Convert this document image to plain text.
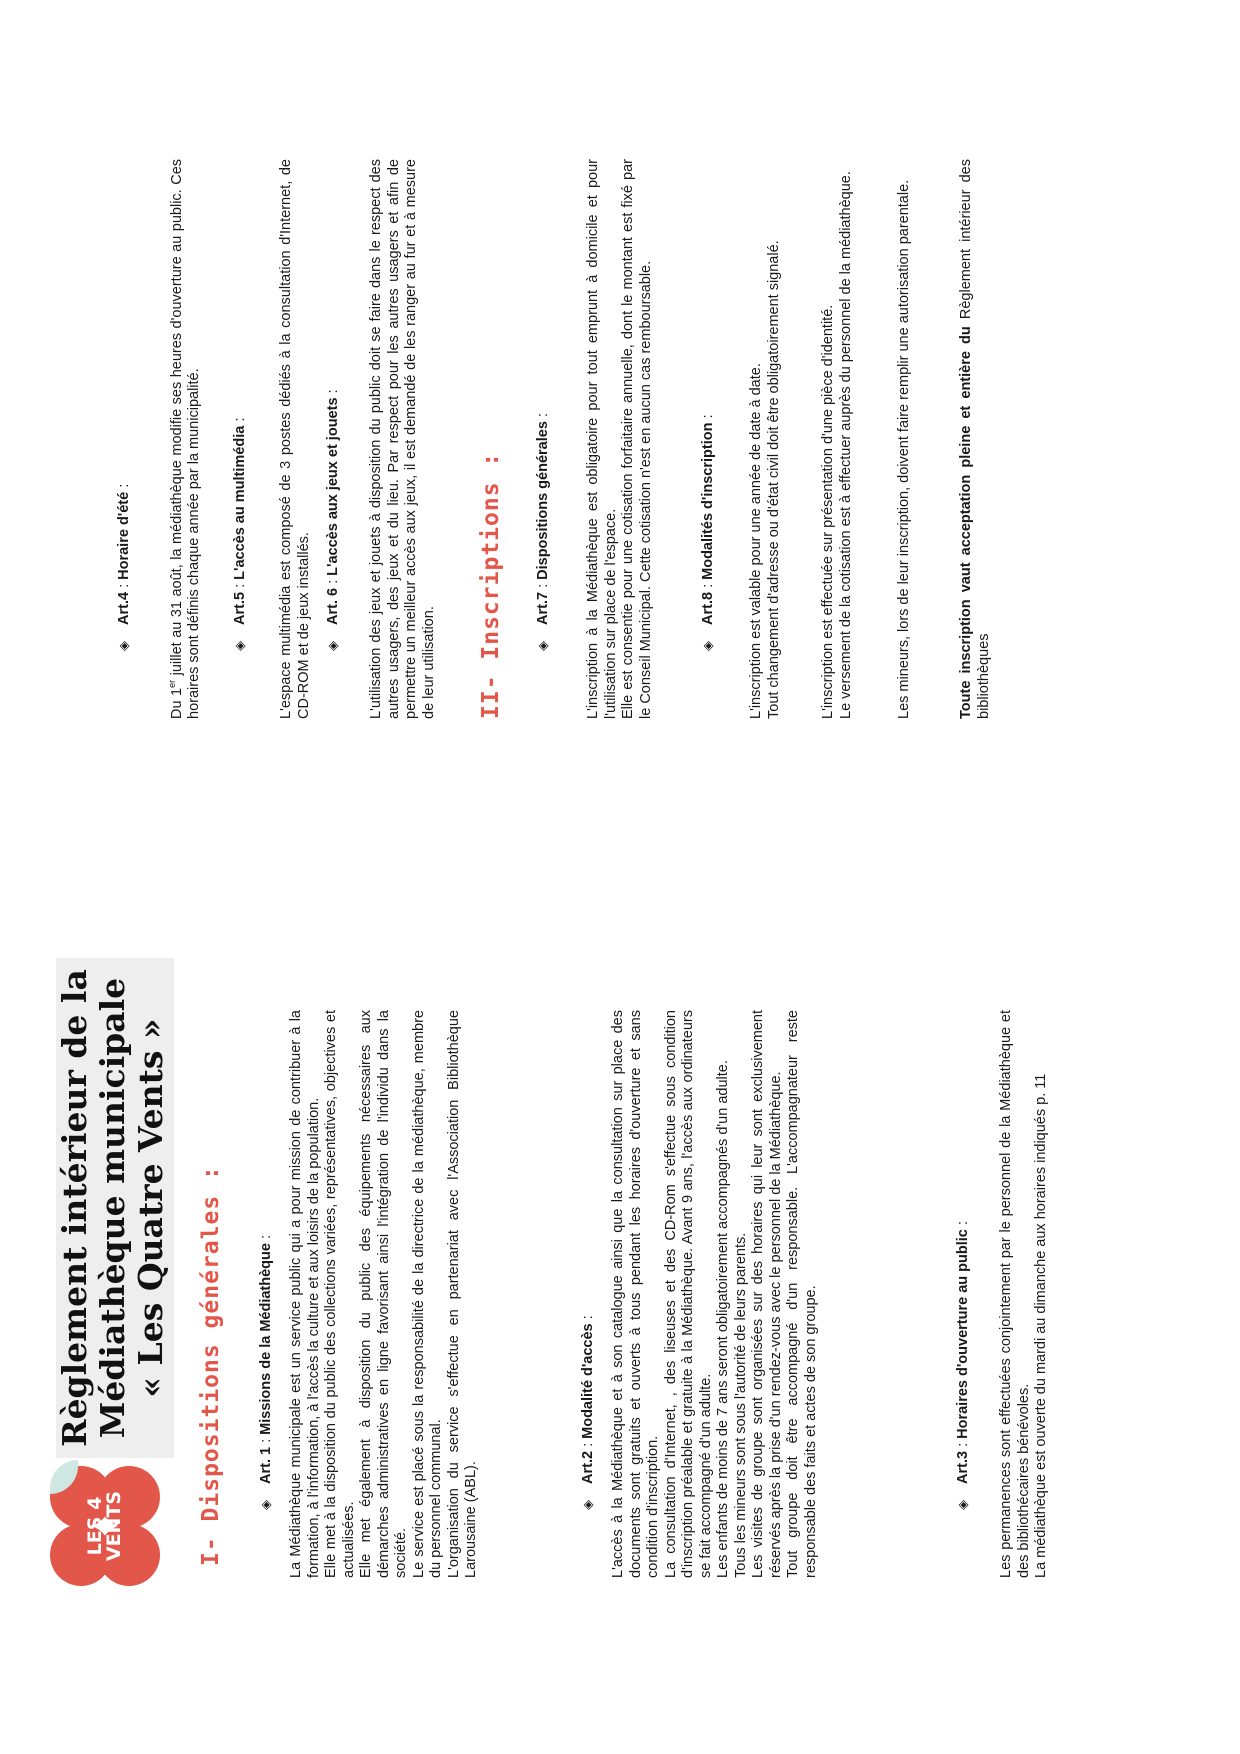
LES 4
VENTS
Règlement intérieur de la Médiathèque municipale « Les Quatre Vents » I- Dispositions générales :	◈Art. 1 : Missions de la Médiathèque : La Médiathèque municipale est un service public qui a pour mission de contribuer à la formation, à l'information, à l'accès la culture et aux loisirs de la population. Elle met à la disposition du public des collections variées, représentatives, objectives et actualisées. Elle met également à disposition du public des équipements nécessaires aux démarches administratives en ligne favorisant ainsi l'intégration de l'individu dans la société. Le service est placé sous la responsabilité de la directrice de la médiathèque, membre du personnel communal. L'organisation du service s'effectue en partenariat avec l'Association Bibliothèque Larousaine (ABL).	◈Art.2 : Modalité d'accès : L'accès à la Médiathèque et à son catalogue ainsi que la consultation sur place des documents sont gratuits et ouverts à tous pendant les horaires d'ouverture et sans condition d'inscription. La consultation d'Internet, , des liseuses et des CD-Rom s'effectue sous condition d'inscription préalable et gratuite à la Médiathèque. Avant 9 ans, l'accès aux ordinateurs se fait accompagné d'un adulte. Les enfants de moins de 7 ans seront obligatoirement accompagnés d'un adulte. Tous les mineurs sont sous l'autorité de leurs parents. Les visites de groupe sont organisées sur des horaires qui leur sont exclusivement réservés après la prise d'un rendez-vous avec le personnel de la Médiathèque. Tout groupe doit être accompagné d'un responsable. L'accompagnateur reste responsable des faits et actes de son groupe.	◈Art.3 : Horaires d'ouverture au public : Les permanences sont effectuées conjointement par le personnel de la Médiathèque et des bibliothécaires bénévoles. La médiathèque est ouverte du mardi au dimanche aux horaires indiqués p. 11
◈Art.4 : Horaire d'été :
Du 1er juillet au 31 août, la médiathèque modifie ses heures d'ouverture au public. Ces horaires sont définis chaque année par la municipalité. ◈Art.5 : L'accès au multimédia : L'espace multimédia est composé de 3 postes dédiés à la consultation d'Internet, de CD-ROM et de jeux installés. ◈Art. 6 : L'accès aux jeux et jouets : L'utilisation des jeux et jouets à disposition du public doit se faire dans le respect des autres usagers, des jeux et du lieu. Par respect pour les autres usagers et afin de permettre un meilleur accès aux jeux, il est demandé de les ranger au fur et à mesure de leur utilisation. II- Inscriptions : ◈Art.7 : Dispositions générales : L'inscription à la Médiathèque est obligatoire pour tout emprunt à domicile et pour l'utilisation sur place de l'espace. Elle est consentie pour une cotisation forfaitaire annuelle, dont le montant est fixé par le Conseil Municipal. Cette cotisation n'est en aucun cas remboursable.	◈Art.8 : Modalités d'inscription : L'inscription est valable pour une année de date à date. Tout changement d'adresse ou d'état civil doit être obligatoirement signalé.	L'inscription est effectuée sur présentation d'une pièce d'identité. Le versement de la cotisation est à effectuer auprès du personnel de la médiathèque.	Les mineurs, lors de leur inscription, doivent faire remplir une autorisation parentale.	Toute inscription vaut acceptation pleine et entière du Règlement intérieur des bibliothèques
